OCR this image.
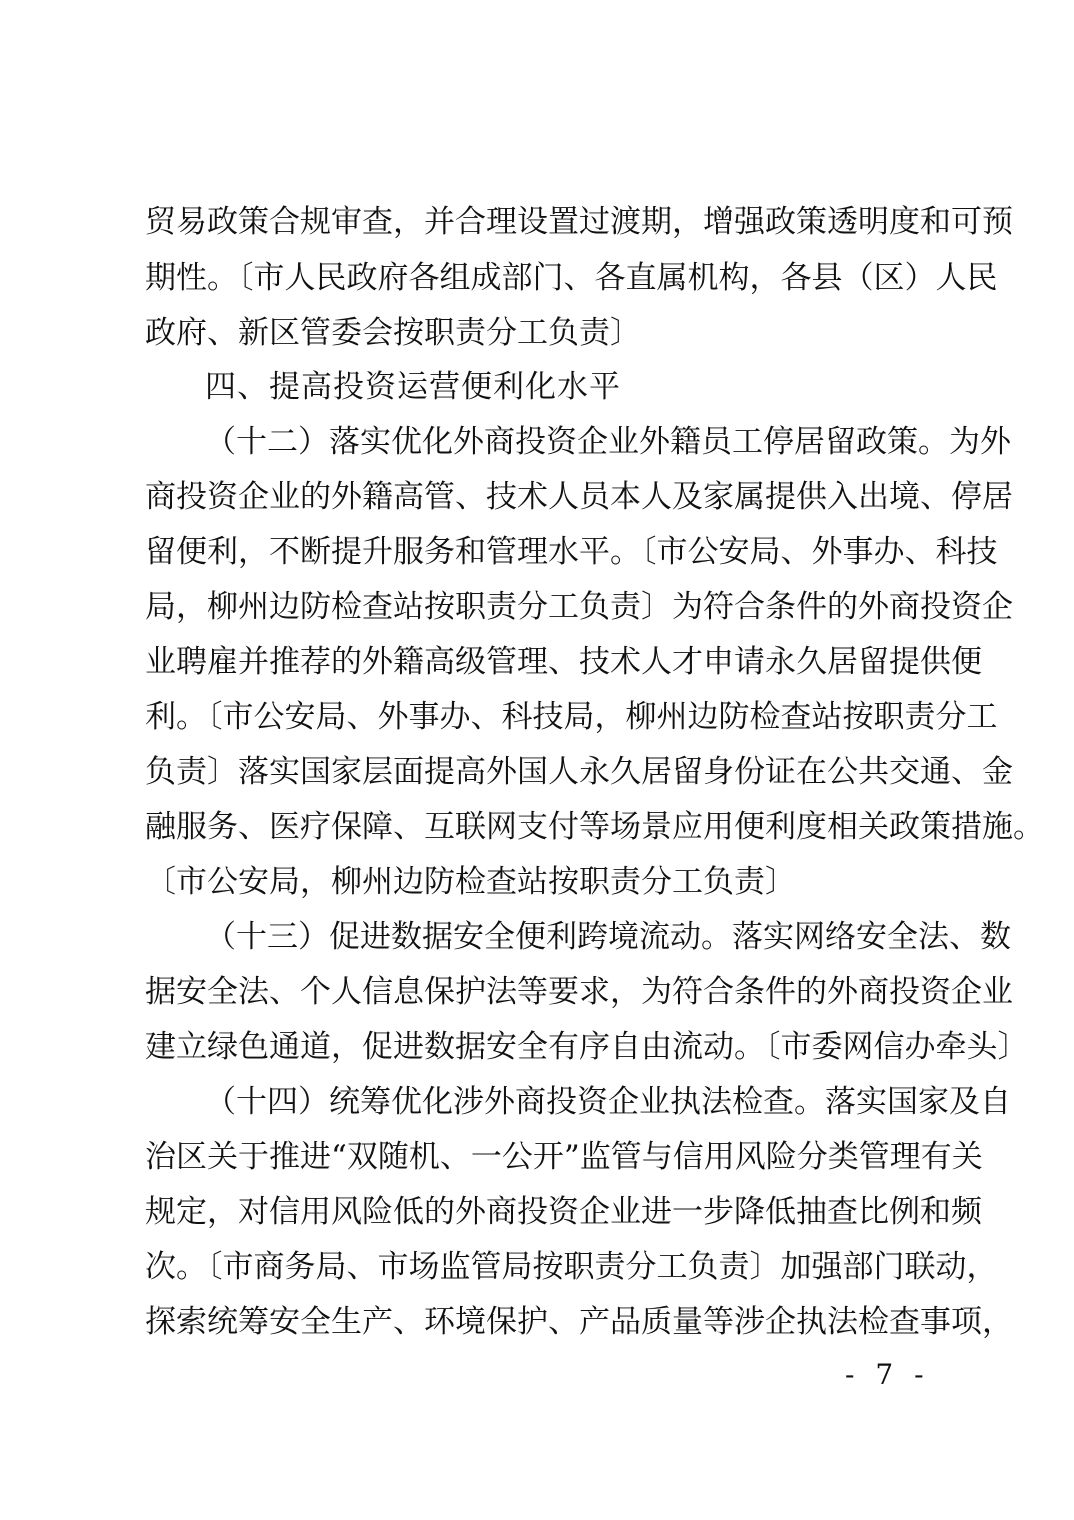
贸易政策合规审查，并合理设置过渡期，增强政策透明度和可预
期性。〔市人民政府各组成部门、各直属机构，各县（区）人民
政府、新区管委会按职责分工负责〕
四、提高投资运营便利化水平
（十二）落实优化外商投资企业外籍员工停居留政策。为外
商投资企业的外籍高管、技术人员本人及家属提供入出境、停居
留便利，不断提升服务和管理水平。〔市公安局、外事办、科技
局，柳州边防检查站按职责分工负责〕为符合条件的外商投资企
业聘雇并推荐的外籍高级管理、技术人才申请永久居留提供便
利。〔市公安局、外事办、科技局，柳州边防检查站按职责分工
负责〕落实国家层面提高外国人永久居留身份证在公共交通、金
融服务、医疗保障、互联网支付等场景应用便利度相关政策措施。
〔市公安局，柳州边防检查站按职责分工负责〕
（十三）促进数据安全便利跨境流动。落实网络安全法、数
据安全法、个人信息保护法等要求，为符合条件的外商投资企业
建立绿色通道，促进数据安全有序自由流动。〔市委网信办牵头〕
（十四）统筹优化涉外商投资企业执法检查。落实国家及自
治区关于推进“双随机、一公开”监管与信用风险分类管理有关
规定，对信用风险低的外商投资企业进一步降低抽查比例和频
次。〔市商务局、市场监管局按职责分工负责〕加强部门联动，
探索统筹安全生产、环境保护、产品质量等涉企执法检查事项，
- 7 -
